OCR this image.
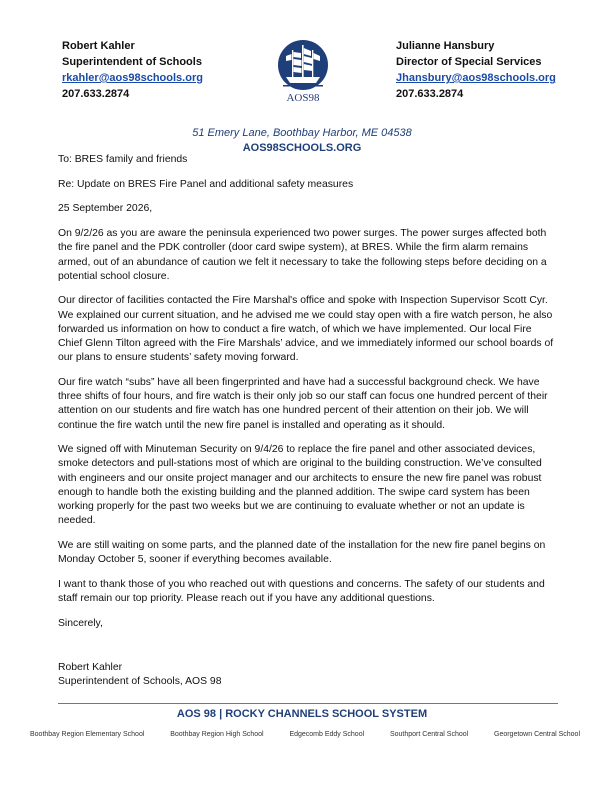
Robert Kahler
Superintendent of Schools
rkahler@aos98schools.org
207.633.2874	AOS98
Julianne Hansbury
Director of Special Services
Jhansbury@aos98schools.org
207.633.2874
51 Emery Lane, Boothbay Harbor, ME 04538
AOS98SCHOOLS.ORG

To: BRES family and friends

Re: Update on BRES Fire Panel and additional safety measures

25 September 2026,

On 9/2/26 as you are aware the peninsula experienced two power surges. The power surges affected both the fire panel and the PDK controller (door card swipe system), at BRES. While the firm alarm remains armed, out of an abundance of caution we felt it necessary to take the following steps before deciding on a potential school closure.

Our director of facilities contacted the Fire Marshal's office and spoke with Inspection Supervisor Scott Cyr. We explained our current situation, and he advised me we could stay open with a fire watch person, he also forwarded us information on how to conduct a fire watch, of which we have implemented. Our local Fire Chief Glenn Tilton agreed with the Fire Marshals’ advice, and we immediately informed our school boards of our plans to ensure students’ safety moving forward.

Our fire watch “subs” have all been fingerprinted and have had a successful background check. We have three shifts of four hours, and fire watch is their only job so our staff can focus one hundred percent of their attention on our students and fire watch has one hundred percent of their attention on their job. We will continue the fire watch until the new fire panel is installed and operating as it should.

We signed off with Minuteman Security on 9/4/26 to replace the fire panel and other associated devices, smoke detectors and pull-stations most of which are original to the building construction. We’ve consulted with engineers and our onsite project manager and our architects to ensure the new fire panel was robust enough to handle both the existing building and the planned addition. The swipe card system has been working properly for the past two weeks but we are continuing to evaluate whether or not an update is needed.

We are still waiting on some parts, and the planned date of the installation for the new fire panel begins on Monday October 5, sooner if everything becomes available.

I want to thank those of you who reached out with questions and concerns. The safety of our students and staff remain our top priority. Please reach out if you have any additional questions.

Sincerely,

Robert Kahler
Superintendent of Schools, AOS 98
AOS 98 | ROCKY CHANNELS SCHOOL SYSTEM
Boothbay Region Elementary School	Boothbay Region High School	Edgecomb Eddy School	Southport Central School	Georgetown Central School
